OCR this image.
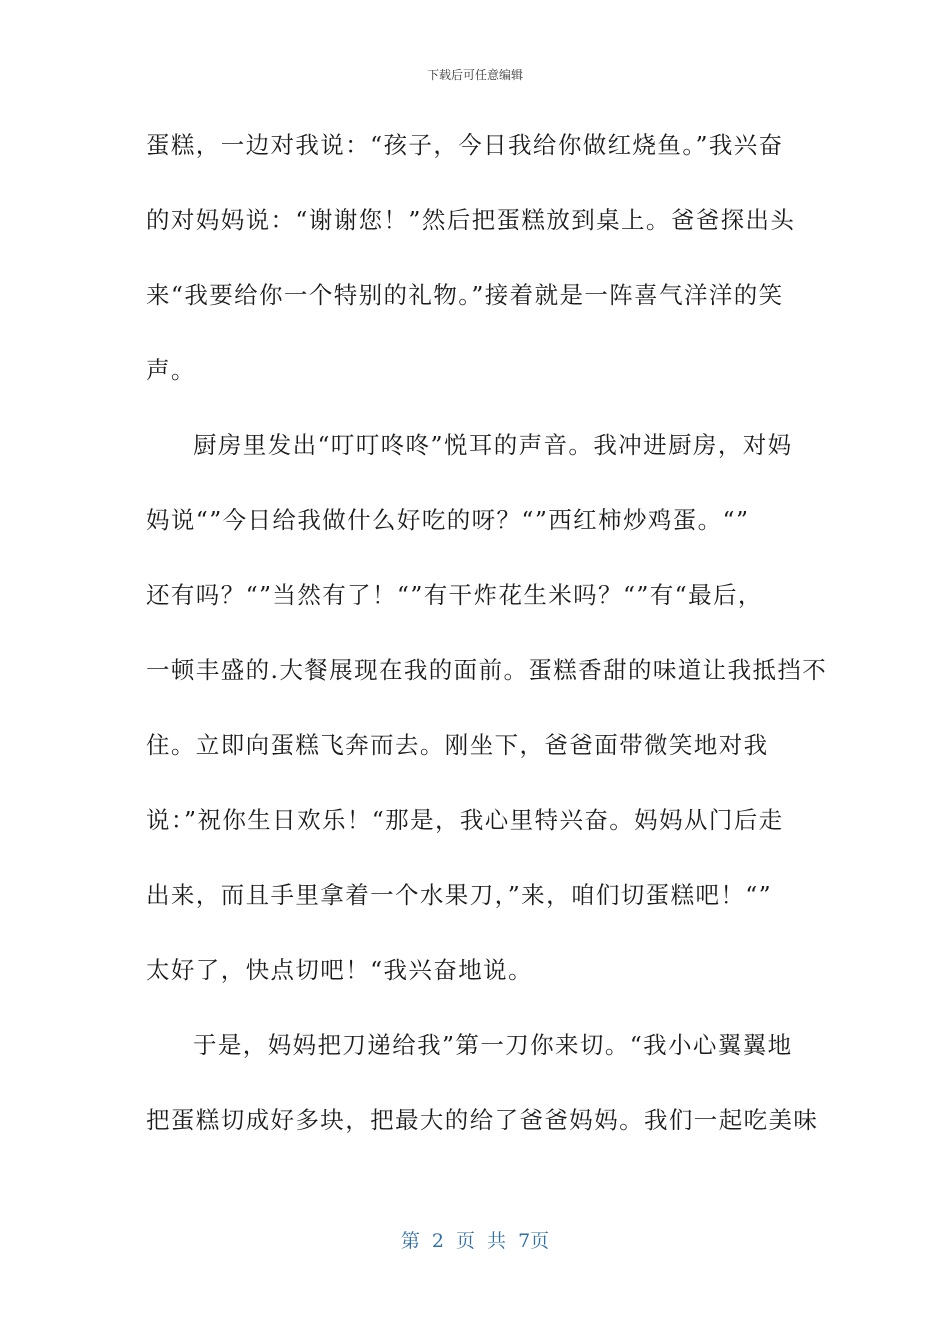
下载后可任意编辑
蛋糕，一边对我说：“孩子，今日我给你做红烧鱼。”我兴奋
的对妈妈说：“谢谢您！”然后把蛋糕放到桌上。爸爸探出头
来“我要给你一个特别的礼物。”接着就是一阵喜气洋洋的笑
声。
厨房里发出“叮叮咚咚”悦耳的声音。我冲进厨房，对妈
妈说“”今日给我做什么好吃的呀？“”西红柿炒鸡蛋。“”
还有吗？“”当然有了！“”有干炸花生米吗？“”有“最后，
一顿丰盛的.大餐展现在我的面前。蛋糕香甜的味道让我抵挡不
住。立即向蛋糕飞奔而去。刚坐下，爸爸面带微笑地对我
说：”祝你生日欢乐！“那是，我心里特兴奋。妈妈从门后走
出来，而且手里拿着一个水果刀，”来，咱们切蛋糕吧！“”
太好了，快点切吧！“我兴奋地说。
于是，妈妈把刀递给我”第一刀你来切。“我小心翼翼地
把蛋糕切成好多块，把最大的给了爸爸妈妈。我们一起吃美味
第 2 页 共 7页
